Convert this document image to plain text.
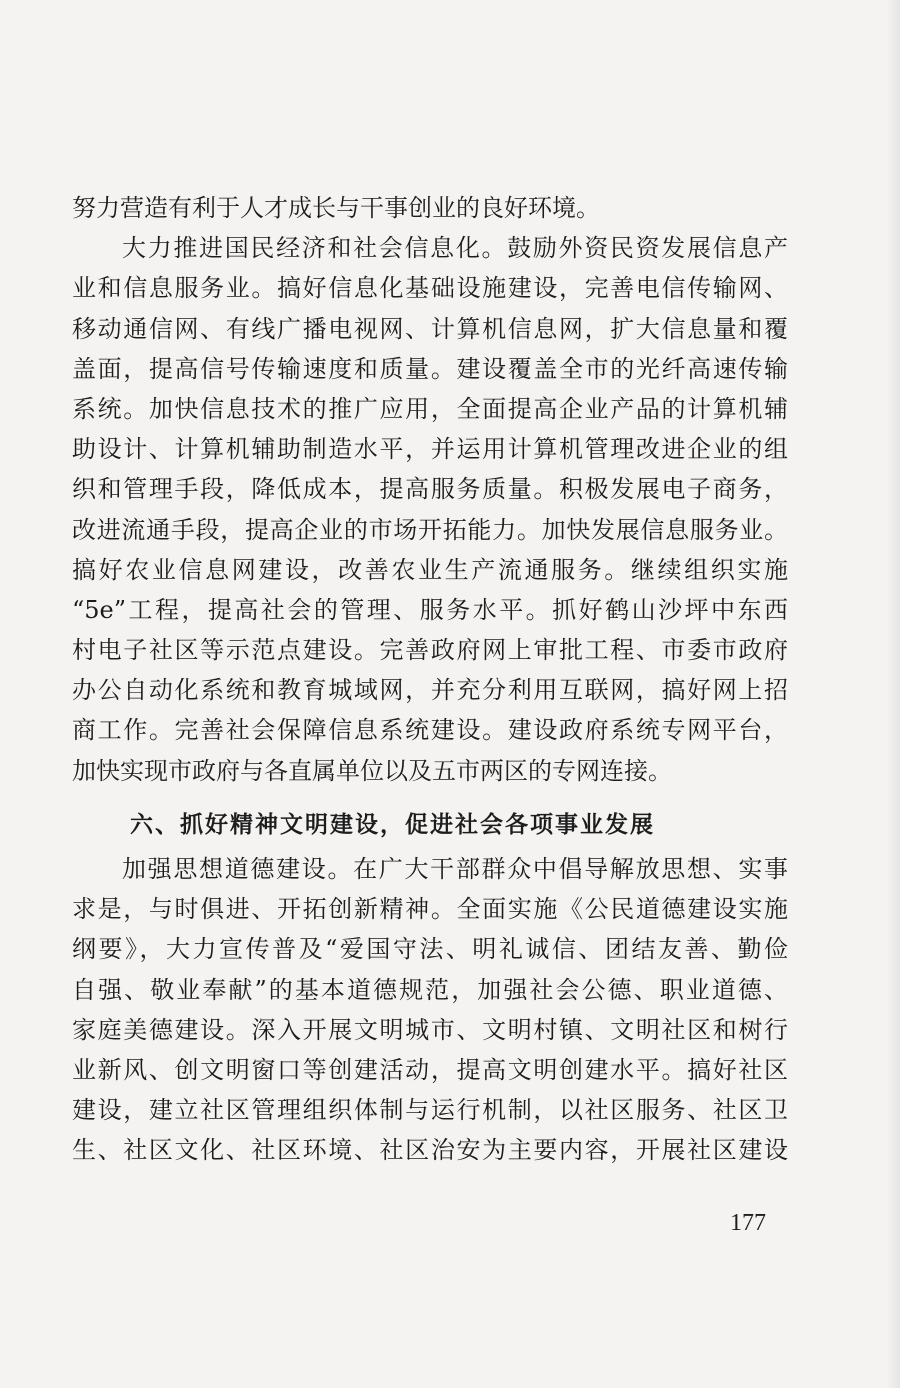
努力营造有利于人才成长与干事创业的良好环境。
大力推进国民经济和社会信息化。鼓励外资民资发展信息产
业和信息服务业。搞好信息化基础设施建设，完善电信传输网、
移动通信网、有线广播电视网、计算机信息网，扩大信息量和覆
盖面，提高信号传输速度和质量。建设覆盖全市的光纤高速传输
系统。加快信息技术的推广应用，全面提高企业产品的计算机辅
助设计、计算机辅助制造水平，并运用计算机管理改进企业的组
织和管理手段，降低成本，提高服务质量。积极发展电子商务，
改进流通手段，提高企业的市场开拓能力。加快发展信息服务业。
搞好农业信息网建设，改善农业生产流通服务。继续组织实施
“5e”工程，提高社会的管理、服务水平。抓好鹤山沙坪中东西
村电子社区等示范点建设。完善政府网上审批工程、市委市政府
办公自动化系统和教育城域网，并充分利用互联网，搞好网上招
商工作。完善社会保障信息系统建设。建设政府系统专网平台，
加快实现市政府与各直属单位以及五市两区的专网连接。
六、抓好精神文明建设，促进社会各项事业发展
加强思想道德建设。在广大干部群众中倡导解放思想、实事
求是，与时俱进、开拓创新精神。全面实施《公民道德建设实施
纲要》，大力宣传普及“爱国守法、明礼诚信、团结友善、勤俭
自强、敬业奉献”的基本道德规范，加强社会公德、职业道德、
家庭美德建设。深入开展文明城市、文明村镇、文明社区和树行
业新风、创文明窗口等创建活动，提高文明创建水平。搞好社区
建设，建立社区管理组织体制与运行机制，以社区服务、社区卫
生、社区文化、社区环境、社区治安为主要内容，开展社区建设
177
